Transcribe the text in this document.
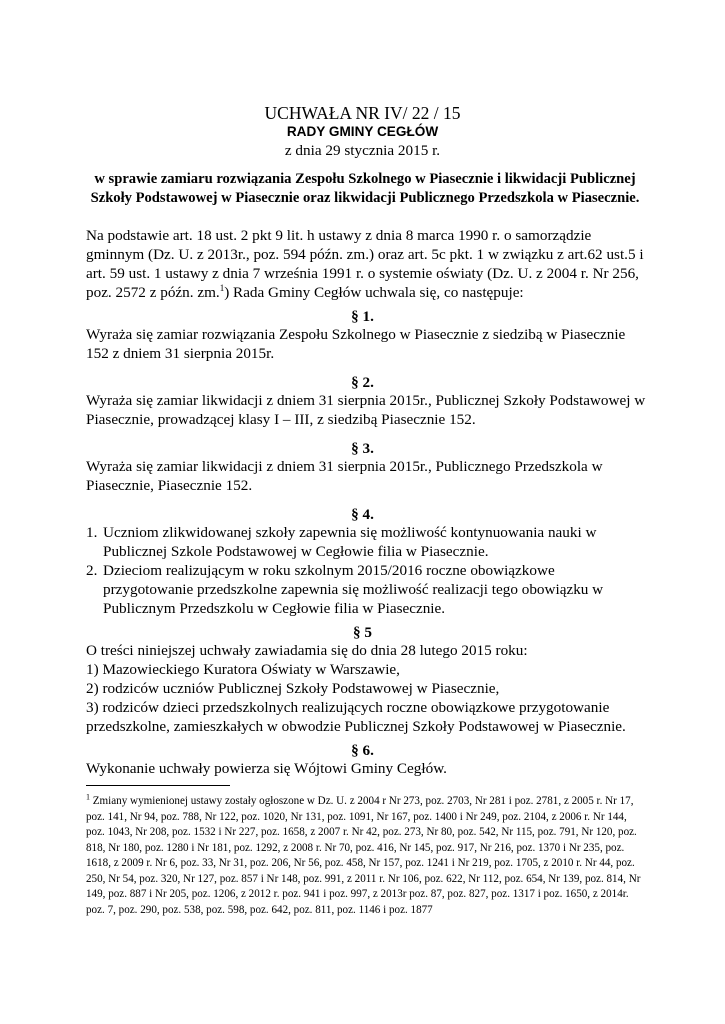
UCHWAŁA NR IV/ 22 / 15
RADY GMINY CEGŁÓW
z dnia 29 stycznia 2015 r.
w sprawie zamiaru rozwiązania Zespołu Szkolnego w Piasecznie i likwidacji Publicznej Szkoły Podstawowej w Piasecznie oraz likwidacji Publicznego Przedszkola w Piasecznie.
Na podstawie art. 18 ust. 2 pkt 9 lit. h ustawy z dnia 8 marca 1990 r. o samorządzie gminnym (Dz. U. z 2013r., poz. 594 późn. zm.) oraz art. 5c pkt. 1 w związku z art.62 ust.5 i art. 59 ust. 1 ustawy z dnia 7 września 1991 r. o systemie oświaty (Dz. U. z 2004 r. Nr 256, poz. 2572 z późn. zm.$^1$) Rada Gminy Cegłów uchwala się, co następuje:
§ 1.
Wyraża się zamiar rozwiązania Zespołu Szkolnego w Piasecznie z siedzibą w Piasecznie 152 z dniem 31 sierpnia 2015r.
§ 2.
Wyraża się zamiar likwidacji z dniem 31 sierpnia 2015r., Publicznej Szkoły Podstawowej w Piasecznie, prowadzącej klasy I – III, z siedzibą Piasecznie 152.
§ 3.
Wyraża się zamiar likwidacji z dniem 31 sierpnia 2015r., Publicznego Przedszkola w Piasecznie, Piasecznie 152.
§ 4.
1. Uczniom zlikwidowanej szkoły zapewnia się możliwość kontynuowania nauki w Publicznej Szkole Podstawowej w Cegłowie filia w Piasecznie.
2. Dzieciom realizującym w roku szkolnym 2015/2016 roczne obowiązkowe przygotowanie przedszkolne zapewnia się możliwość realizacji tego obowiązku w Publicznym Przedszkolu w Cegłowie filia w Piasecznie.
§ 5
O treści niniejszej uchwały zawiadamia się do dnia 28 lutego 2015 roku:
1) Mazowieckiego Kuratora Oświaty w Warszawie,
2) rodziców uczniów Publicznej Szkoły Podstawowej w Piasecznie,
3) rodziców dzieci przedszkolnych realizujących roczne obowiązkowe przygotowanie przedszkolne, zamieszkałych w obwodzie Publicznej Szkoły Podstawowej w Piasecznie.
§ 6.
Wykonanie uchwały powierza się Wójtowi Gminy Cegłów.
$^1$ Zmiany wymienionej ustawy zostały ogłoszone w Dz. U. z 2004 r Nr 273, poz. 2703, Nr 281 i poz. 2781, z 2005 r. Nr 17, poz. 141, Nr 94, poz. 788, Nr 122, poz. 1020, Nr 131, poz. 1091, Nr 167, poz. 1400 i Nr 249, poz. 2104, z 2006 r. Nr 144, poz. 1043, Nr 208, poz. 1532 i Nr 227, poz. 1658, z 2007 r. Nr 42, poz. 273, Nr 80, poz. 542, Nr 115, poz. 791, Nr 120, poz. 818, Nr 180, poz. 1280 i Nr 181, poz. 1292, z 2008 r. Nr 70, poz. 416, Nr 145, poz. 917, Nr 216, poz. 1370 i Nr 235, poz. 1618, z 2009 r. Nr 6, poz. 33, Nr 31, poz. 206, Nr 56, poz. 458, Nr 157, poz. 1241 i Nr 219, poz. 1705, z 2010 r. Nr 44, poz. 250, Nr 54, poz. 320, Nr 127, poz. 857 i Nr 148, poz. 991, z 2011 r. Nr 106, poz. 622, Nr 112, poz. 654, Nr 139, poz. 814, Nr 149, poz. 887 i Nr 205, poz. 1206, z 2012 r. poz. 941 i poz. 997, z 2013r poz. 87, poz. 827, poz. 1317 i poz. 1650, z 2014r. poz. 7, poz. 290, poz. 538, poz. 598, poz. 642, poz. 811, poz. 1146 i poz. 1877
